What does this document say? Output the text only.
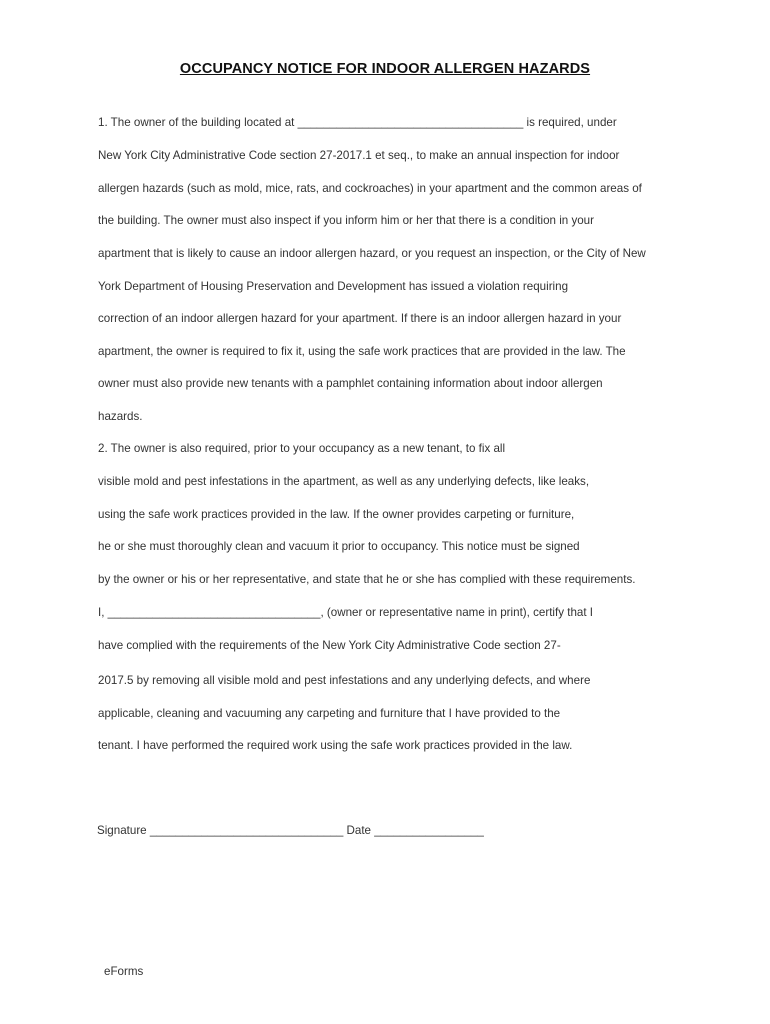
OCCUPANCY NOTICE FOR INDOOR ALLERGEN HAZARDS
1. The owner of the building located at ___________________________________ is required, under
New York City Administrative Code section 27-2017.1 et seq., to make an annual inspection for indoor
allergen hazards (such as mold, mice, rats, and cockroaches) in your apartment and the common areas of
the building. The owner must also inspect if you inform him or her that there is a condition in your
apartment that is likely to cause an indoor allergen hazard, or you request an inspection, or the City of New
York Department of Housing Preservation and Development has issued a violation requiring
correction of an indoor allergen hazard for your apartment. If there is an indoor allergen hazard in your
apartment, the owner is required to fix it, using the safe work practices that are provided in the law. The
owner must also provide new tenants with a pamphlet containing information about indoor allergen
hazards.
2. The owner is also required, prior to your occupancy as a new tenant, to fix all
visible mold and pest infestations in the apartment, as well as any underlying defects, like leaks,
using the safe work practices provided in the law. If the owner provides carpeting or furniture,
he or she must thoroughly clean and vacuum it prior to occupancy. This notice must be signed
by the owner or his or her representative, and state that he or she has complied with these requirements.
I, _________________________________, (owner or representative name in print), certify that I
have complied with the requirements of the New York City Administrative Code section 27-
2017.5 by removing all visible mold and pest infestations and any underlying defects, and where
applicable, cleaning and vacuuming any carpeting and furniture that I have provided to the
tenant. I have performed the required work using the safe work practices provided in the law.
Signature ______________________________ Date _________________
eForms
